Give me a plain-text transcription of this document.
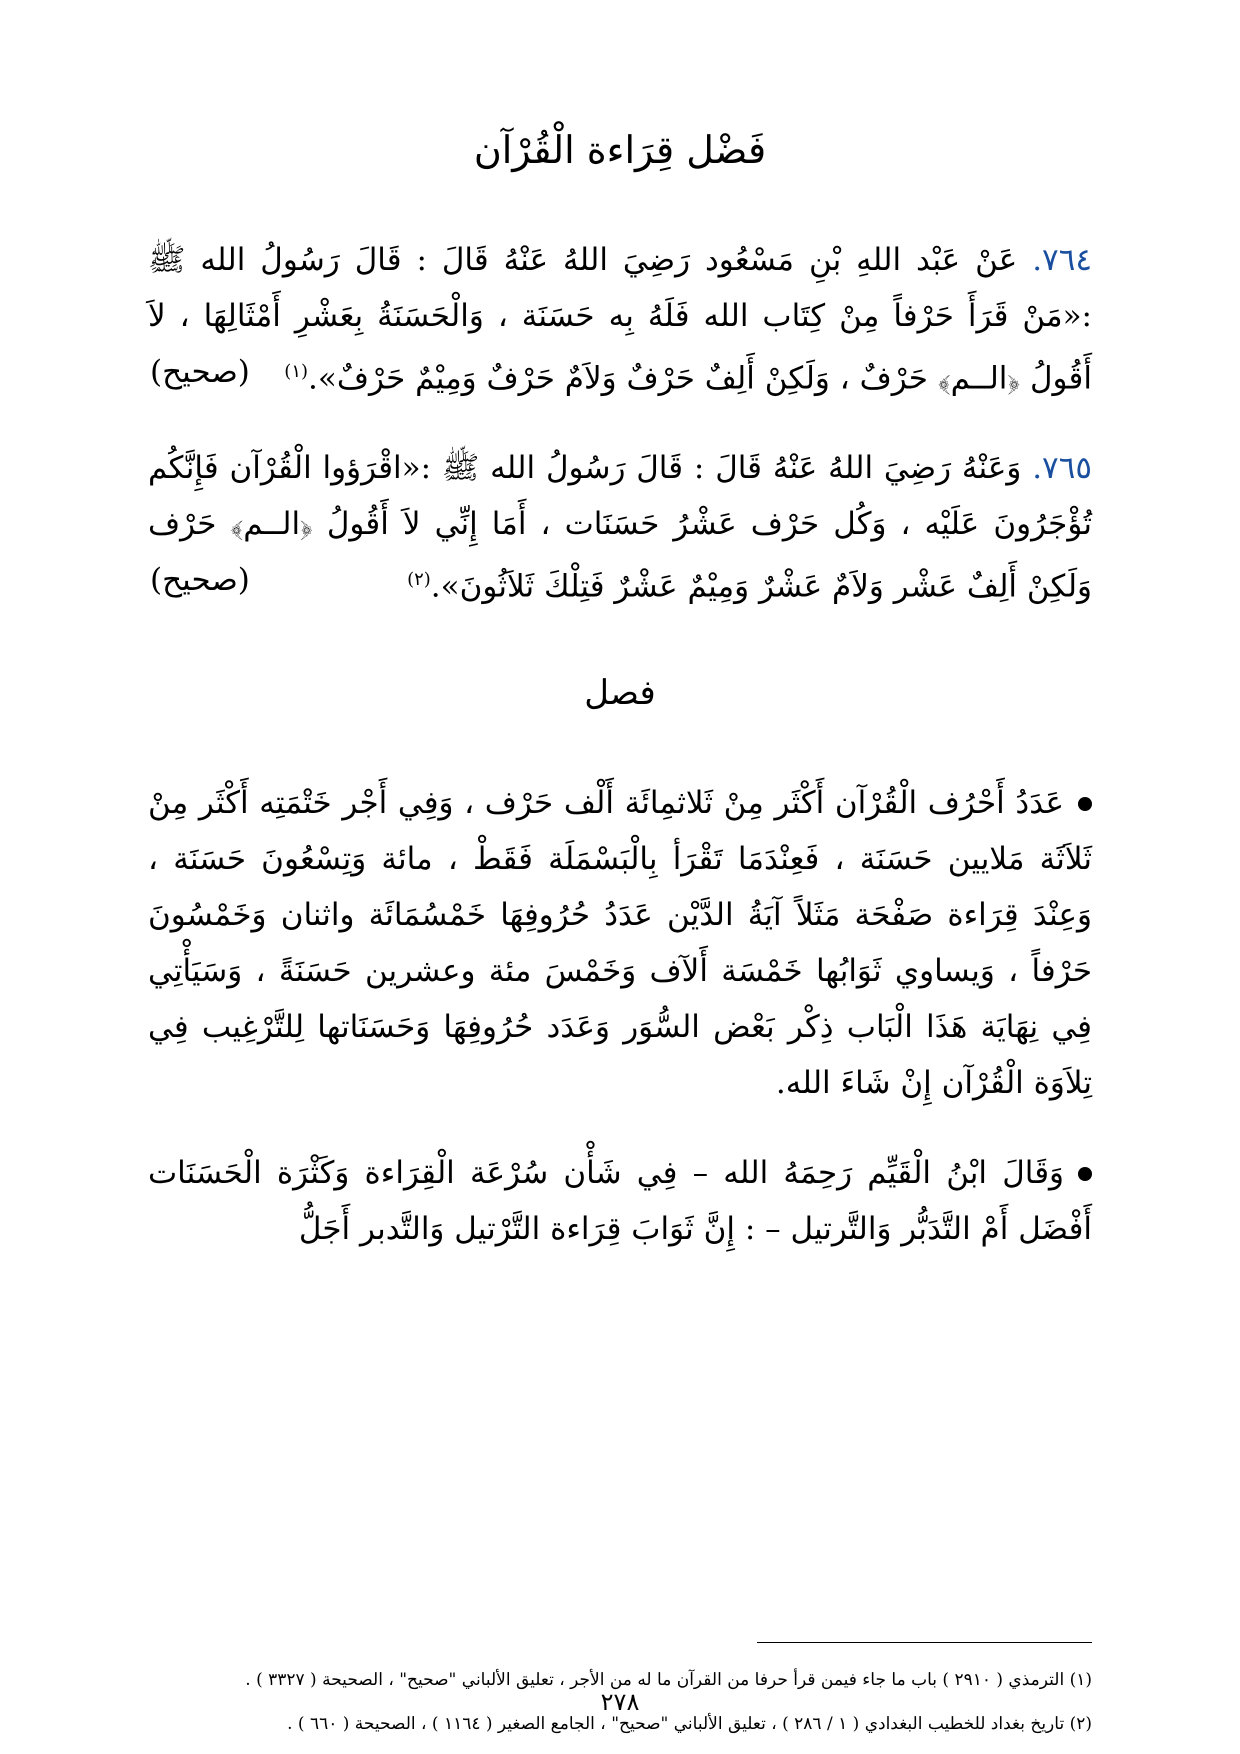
فَضْل قِرَاءة الْقُرْآن
٧٦٤. عَنْ عَبْد اللهِ بْنِ مَسْعُود رَضِيَ اللهُ عَنْهُ قَالَ : قَالَ رَسُولُ الله ﷺ :«مَنْ قَرَأَ حَرْفاً مِنْ كِتَاب الله فَلَهُ بِه حَسَنَة ، وَالْحَسَنَةُ بِعَشْرِ أَمْثَالِهَا ، لاَ أَقُولُ ﴿الــم﴾ حَرْفٌ ، وَلَكِنْ أَلِفٌ حَرْفٌ وَلاَمٌ حَرْفٌ وَمِيْمٌ حَرْفٌ».$^{(١)}$
(صحيح)
٧٦٥. وَعَنْهُ رَضِيَ اللهُ عَنْهُ قَالَ : قَالَ رَسُولُ الله ﷺ :«اقْرَؤوا الْقُرْآن فَإِنَّكُم تُؤْجَرُونَ عَلَيْه ، وَكُل حَرْف عَشْرُ حَسَنَات ، أَمَا إِنِّي لاَ أَقُولُ ﴿الــم﴾ حَرْف وَلَكِنْ أَلِفٌ عَشْر وَلاَمٌ عَشْرٌ وَمِيْمٌ عَشْرٌ فَتِلْكَ ثَلاَثُونَ».$^{(٢)}$
(صحيح)
فصل
عَدَدُ أَحْرُف الْقُرْآن أَكْثَر مِنْ ثَلاثمِائَة أَلْف حَرْف ، وَفِي أَجْر خَتْمَتِه أَكْثَر مِنْ ثَلاَثَة مَلايين حَسَنَة ، فَعِنْدَمَا تَقْرَأ بِالْبَسْمَلَة فَقَطْ ، مائة وَتِسْعُونَ حَسَنَة ، وَعِنْدَ قِرَاءة صَفْحَة مَثَلاً آيَةُ الدَّيْن عَدَدُ حُرُوفِهَا خَمْسُمَائَة واثنان وَخَمْسُونَ حَرْفاً ، وَيساوي ثَوَابُها خَمْسَة أَلآف وَخَمْسَ مئة وعشرين حَسَنَةً ، وَسَيَأْتِي فِي نِهَايَة هَذَا الْبَاب ذِكْر بَعْض السُّوَر وَعَدَد حُرُوفِهَا وَحَسَنَاتها لِلتَّرْغِيب فِي تِلاَوَة الْقُرْآن إِنْ شَاءَ الله.
وَقَالَ ابْنُ الْقَيِّم رَحِمَهُ الله – فِي شَأْن سُرْعَة الْقِرَاءة وَكَثْرَة الْحَسَنَات أَفْضَل أَمْ التَّدَبُّر وَالتَّرتيل – : إِنَّ ثَوَابَ قِرَاءة التَّرْتيل وَالتَّدبر أَجَلُّ
(١) الترمذي ( ٢٩١٠ ) باب ما جاء فيمن قرأ حرفا من القرآن ما له من الأجر ، تعليق الألباني "صحيح" ، الصحيحة ( ٣٣٢٧ ) .
(٢) تاريخ بغداد للخطيب البغدادي ( ١ / ٢٨٦ ) ، تعليق الألباني "صحيح" ، الجامع الصغير ( ١١٦٤ ) ، الصحيحة ( ٦٦٠ ) .
٢٧٨
